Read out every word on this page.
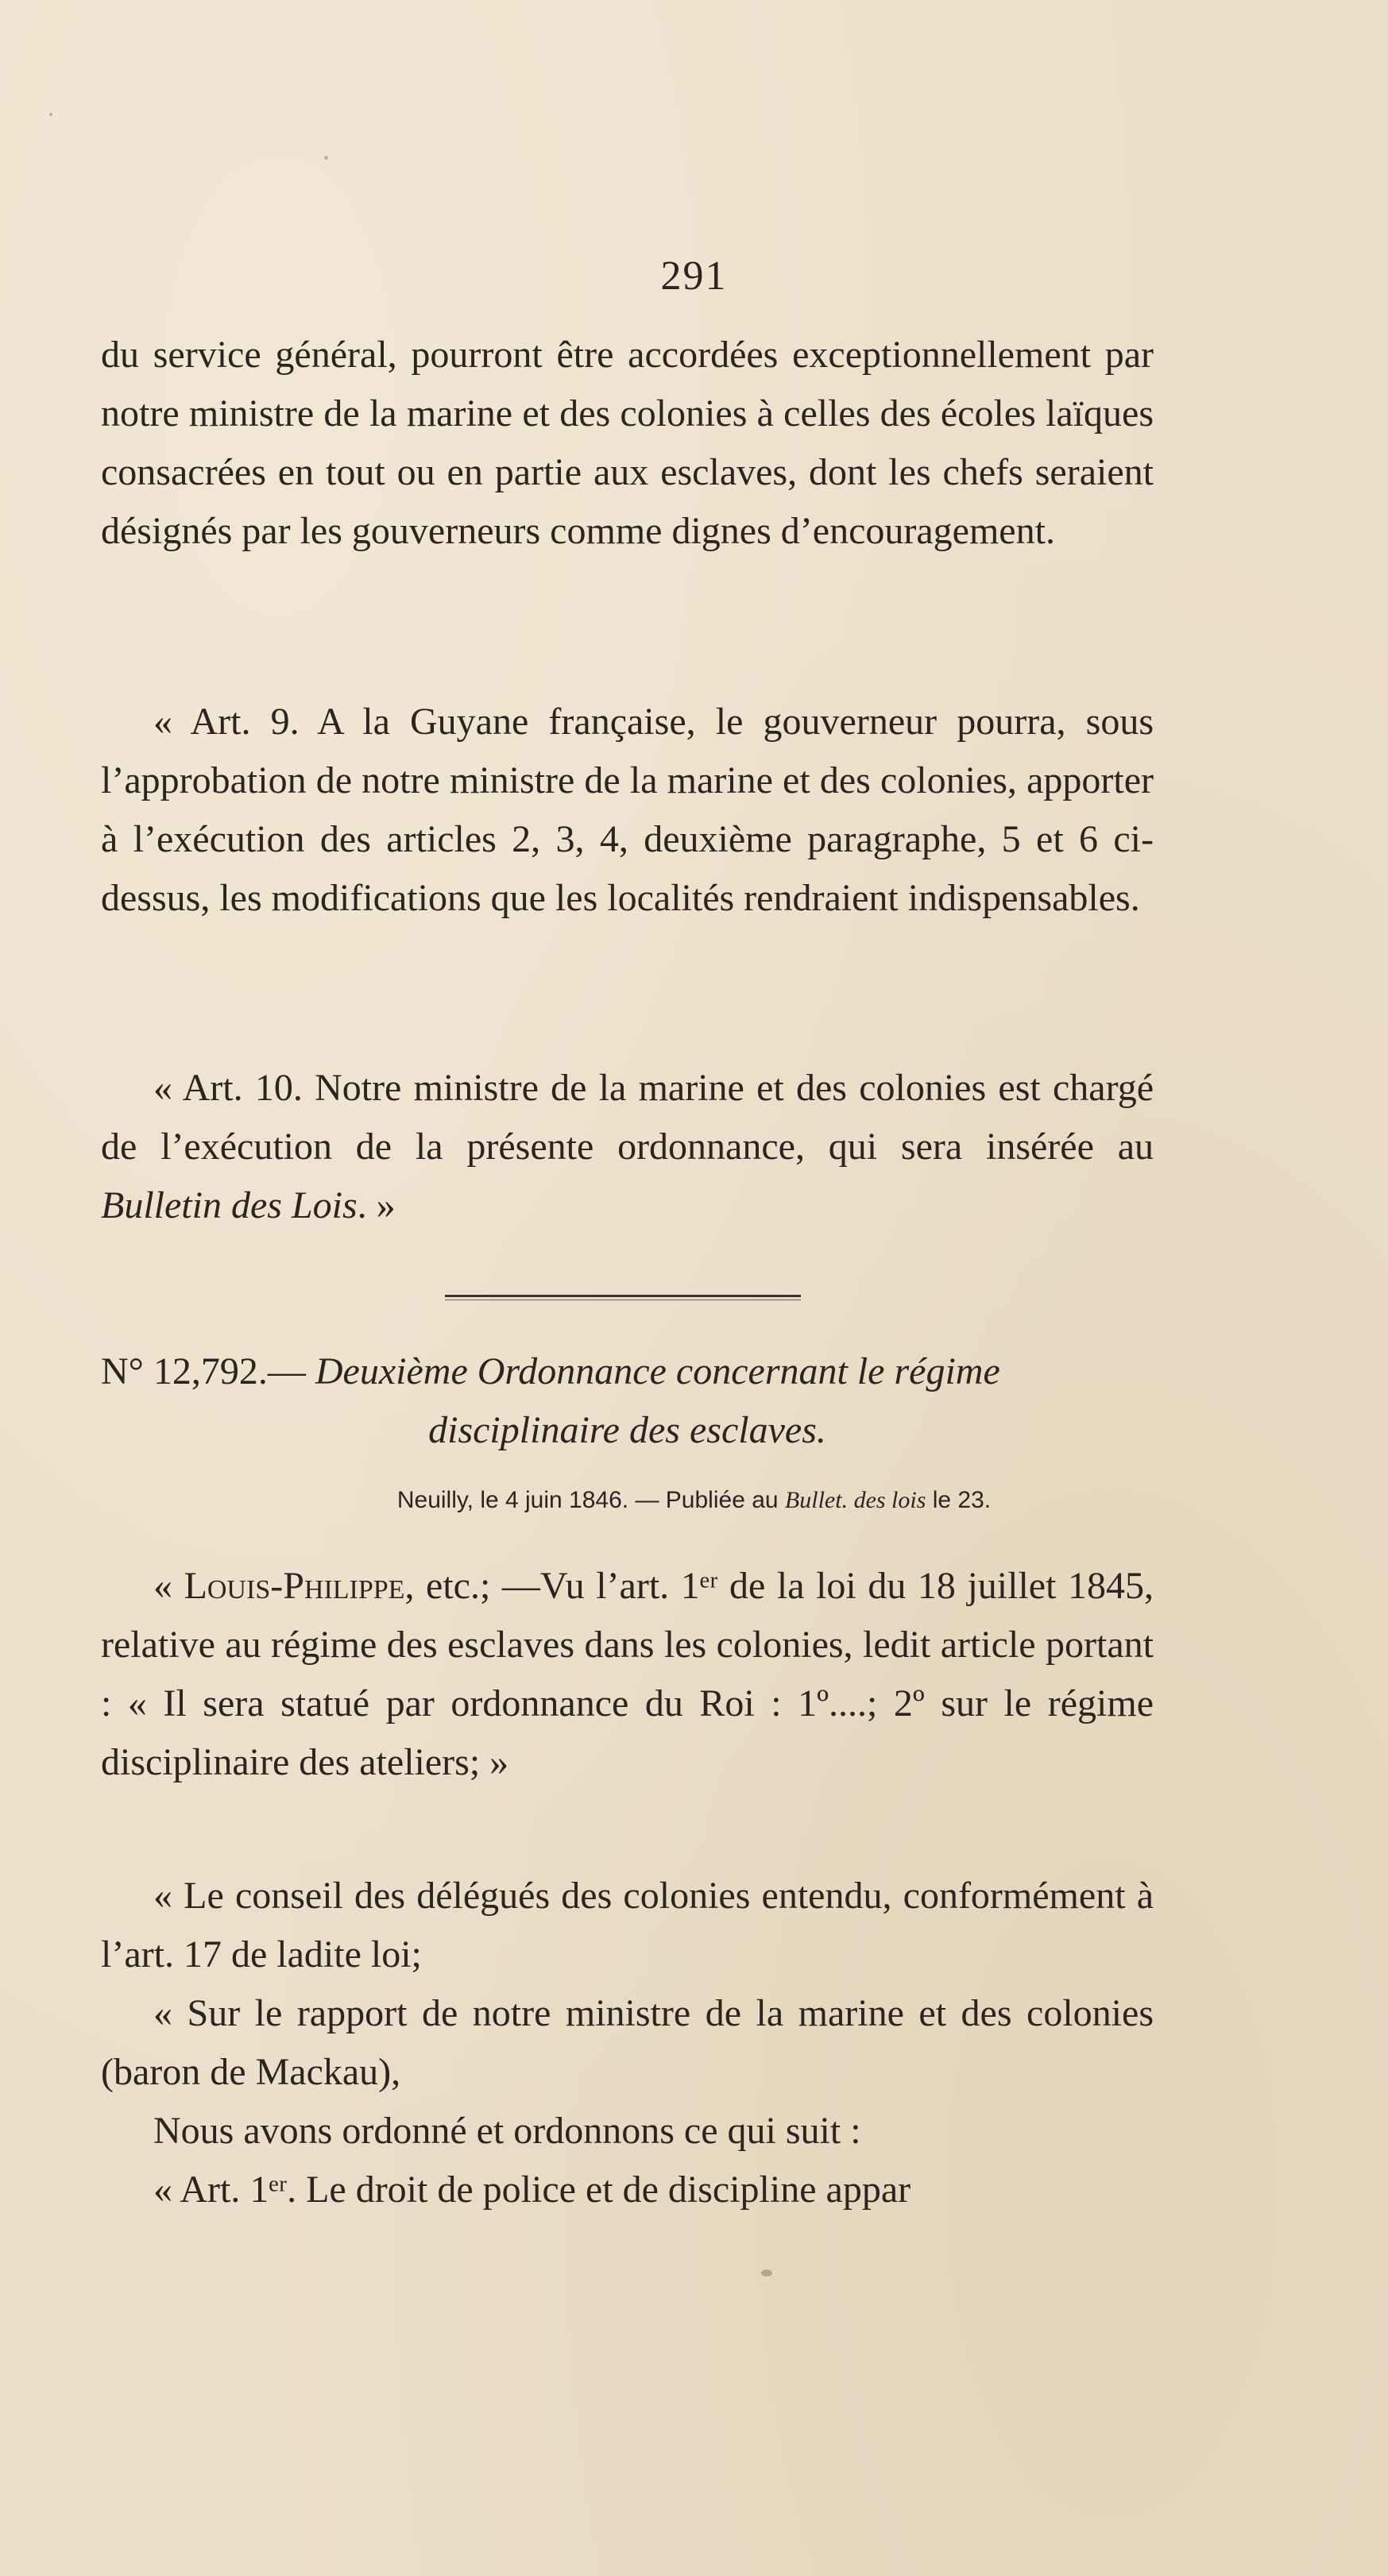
291

du service général, pourront être accordées exceptionnellement par notre ministre de la marine et des colonies à celles des écoles laïques consacrées en tout ou en partie aux esclaves, dont les chefs seraient désignés par les gouverneurs comme dignes d’encouragement.

« Art. 9. A la Guyane française, le gouverneur pourra, sous l’approbation de notre ministre de la marine et des colonies, apporter à l’exécution des articles 2, 3, 4, deuxième paragraphe, 5 et 6 ci-dessus, les modifications que les localités rendraient indispensables.

« Art. 10. Notre ministre de la marine et des colonies est chargé de l’exécution de la présente ordonnance, qui sera insérée au Bulletin des Lois. »

N° 12,792.— Deuxième Ordonnance concernant le régime
disciplinaire des esclaves.
Neuilly, le 4 juin 1846. — Publiée au Bullet. des lois le 23.

« Louis-Philippe, etc.; —Vu l’art. 1ᵉʳ de la loi du 18 juillet 1845, relative au régime des esclaves dans les colonies, ledit article portant : « Il sera statué par ordonnance du Roi : 1º....; 2º sur le régime disciplinaire des ateliers; »

« Le conseil des délégués des colonies entendu, conformément à l’art. 17 de ladite loi;

« Sur le rapport de notre ministre de la marine et des colonies (baron de Mackau),

Nous avons ordonné et ordonnons ce qui suit :

« Art. 1ᵉʳ. Le droit de police et de discipline appar
